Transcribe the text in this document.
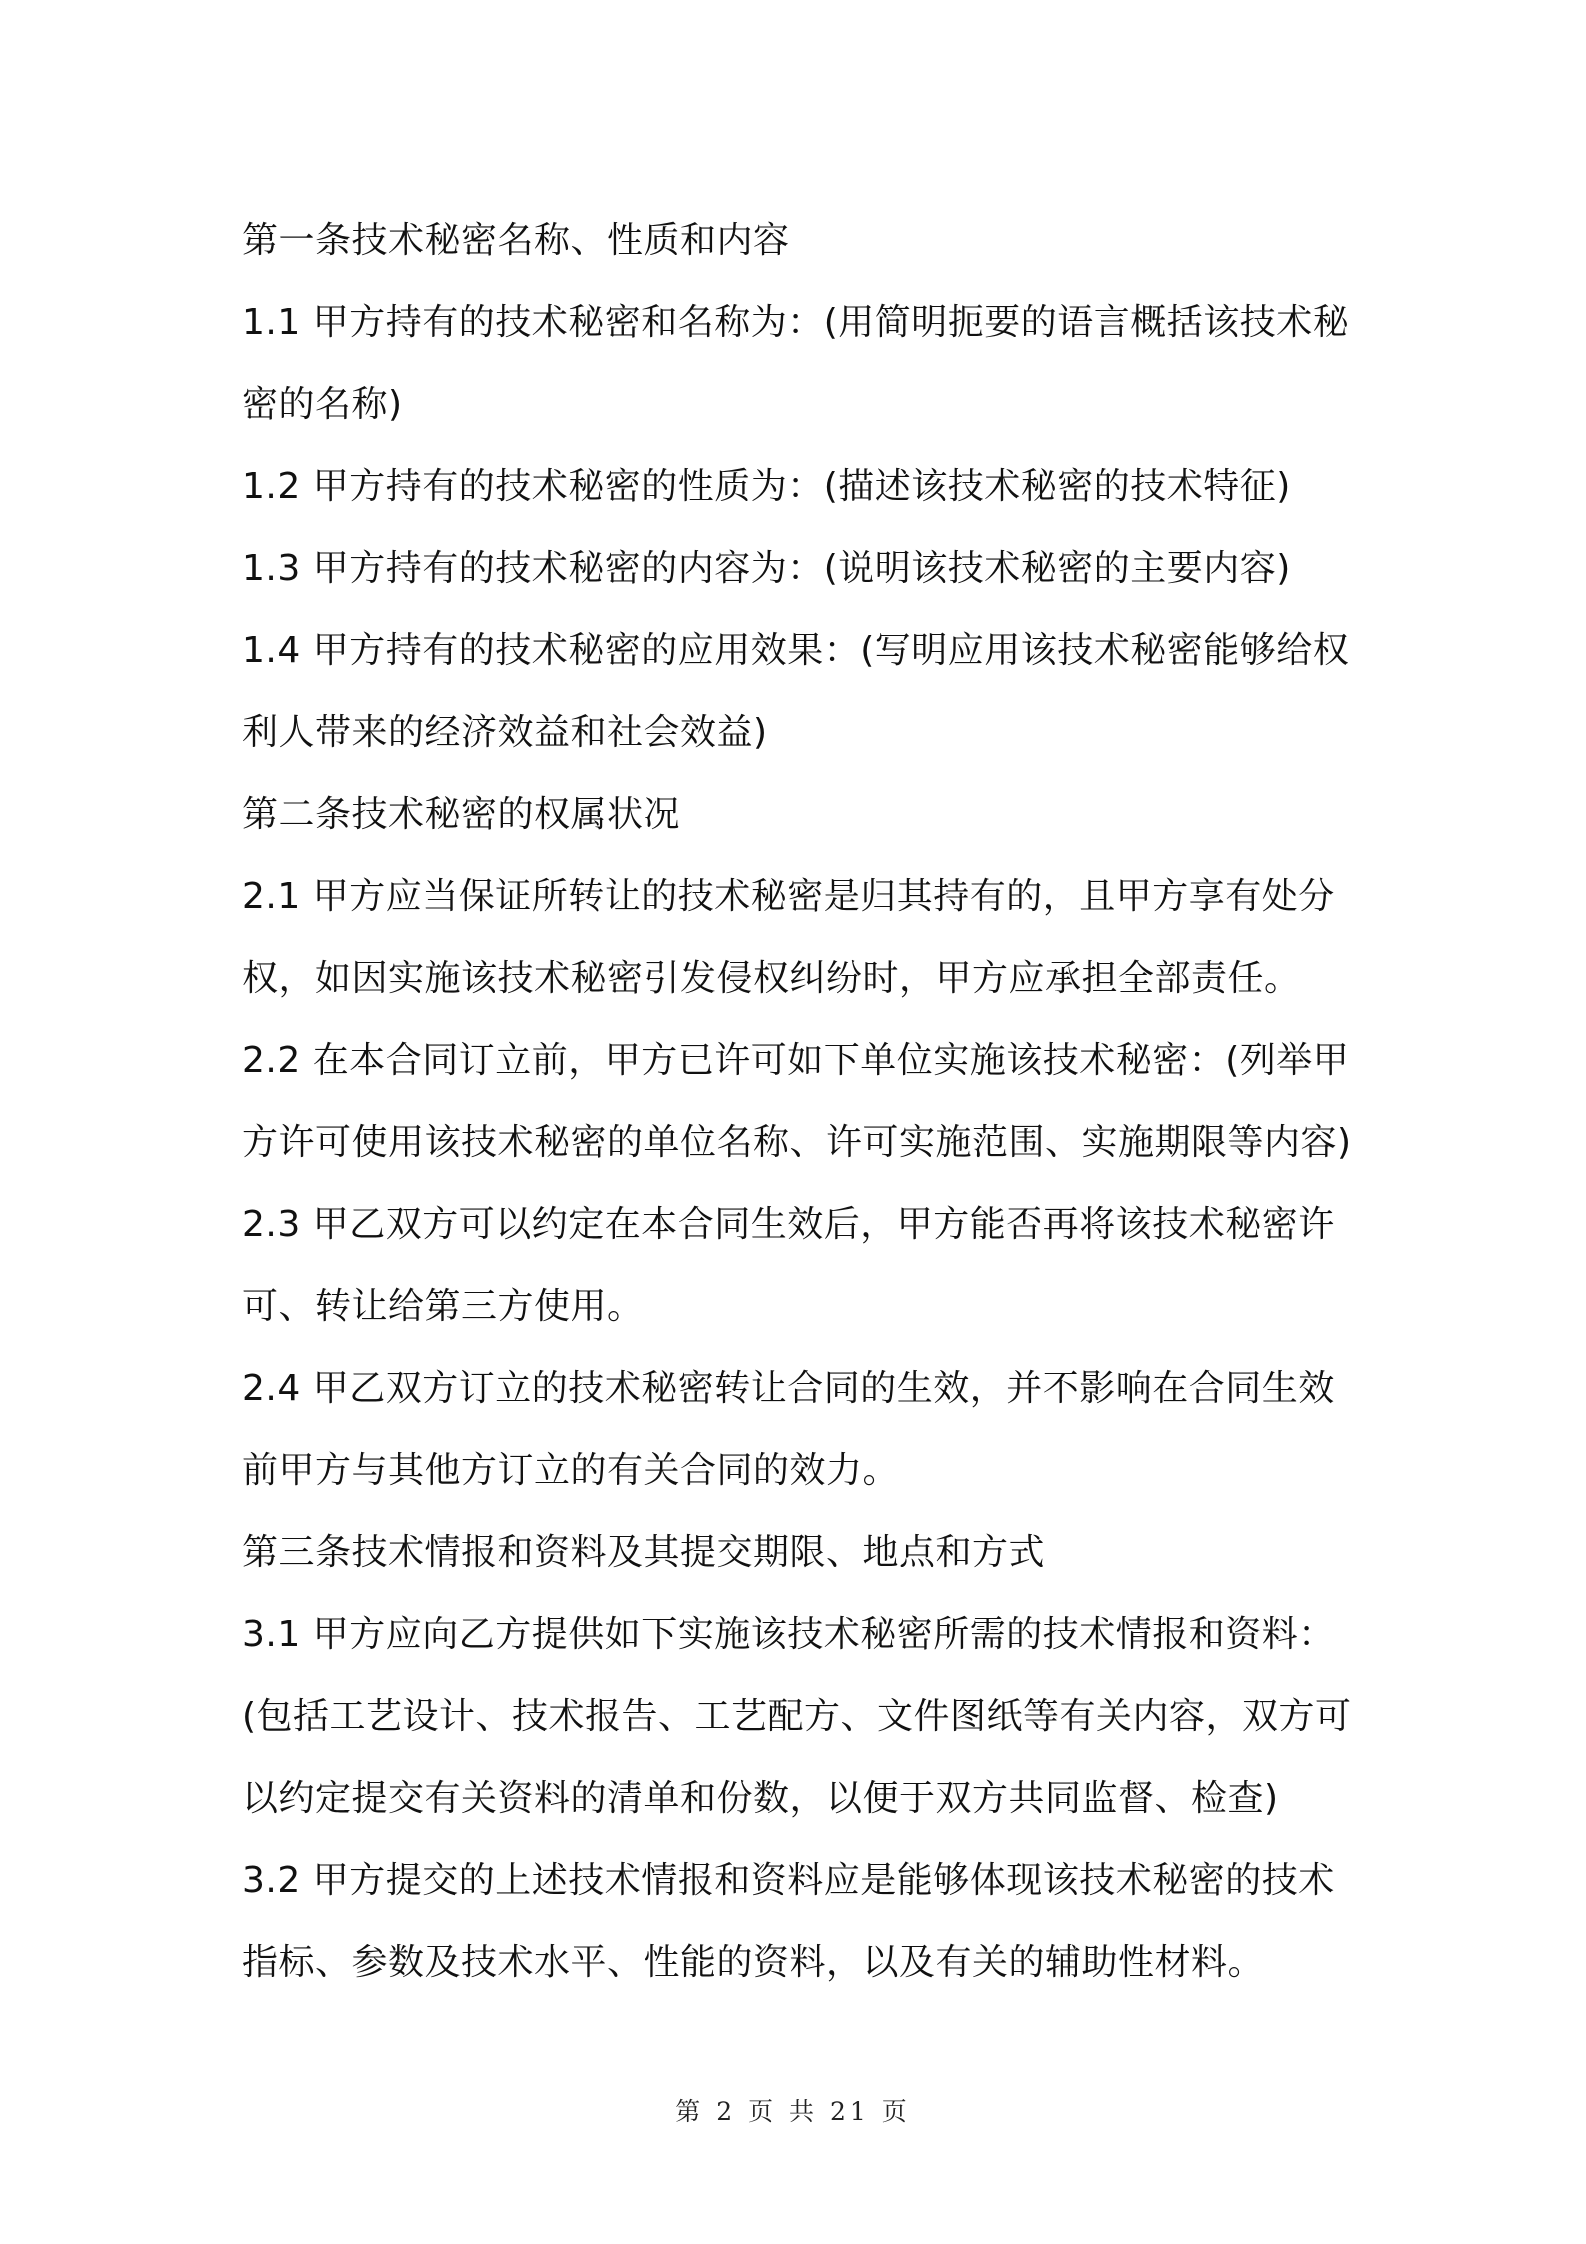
第一条技术秘密名称、性质和内容

1.1 甲方持有的技术秘密和名称为：(用简明扼要的语言概括该技术秘密的名称)

1.2 甲方持有的技术秘密的性质为：(描述该技术秘密的技术特征)

1.3 甲方持有的技术秘密的内容为：(说明该技术秘密的主要内容)

1.4 甲方持有的技术秘密的应用效果：(写明应用该技术秘密能够给权利人带来的经济效益和社会效益)

第二条技术秘密的权属状况

2.1 甲方应当保证所转让的技术秘密是归其持有的，且甲方享有处分权，如因实施该技术秘密引发侵权纠纷时，甲方应承担全部责任。

2.2 在本合同订立前，甲方已许可如下单位实施该技术秘密：(列举甲方许可使用该技术秘密的单位名称、许可实施范围、实施期限等内容)

2.3 甲乙双方可以约定在本合同生效后，甲方能否再将该技术秘密许可、转让给第三方使用。

2.4 甲乙双方订立的技术秘密转让合同的生效，并不影响在合同生效前甲方与其他方订立的有关合同的效力。

第三条技术情报和资料及其提交期限、地点和方式

3.1 甲方应向乙方提供如下实施该技术秘密所需的技术情报和资料：(包括工艺设计、技术报告、工艺配方、文件图纸等有关内容，双方可以约定提交有关资料的清单和份数，以便于双方共同监督、检查)

3.2 甲方提交的上述技术情报和资料应是能够体现该技术秘密的技术指标、参数及技术水平、性能的资料，以及有关的辅助性材料。

第 2 页 共 21 页
